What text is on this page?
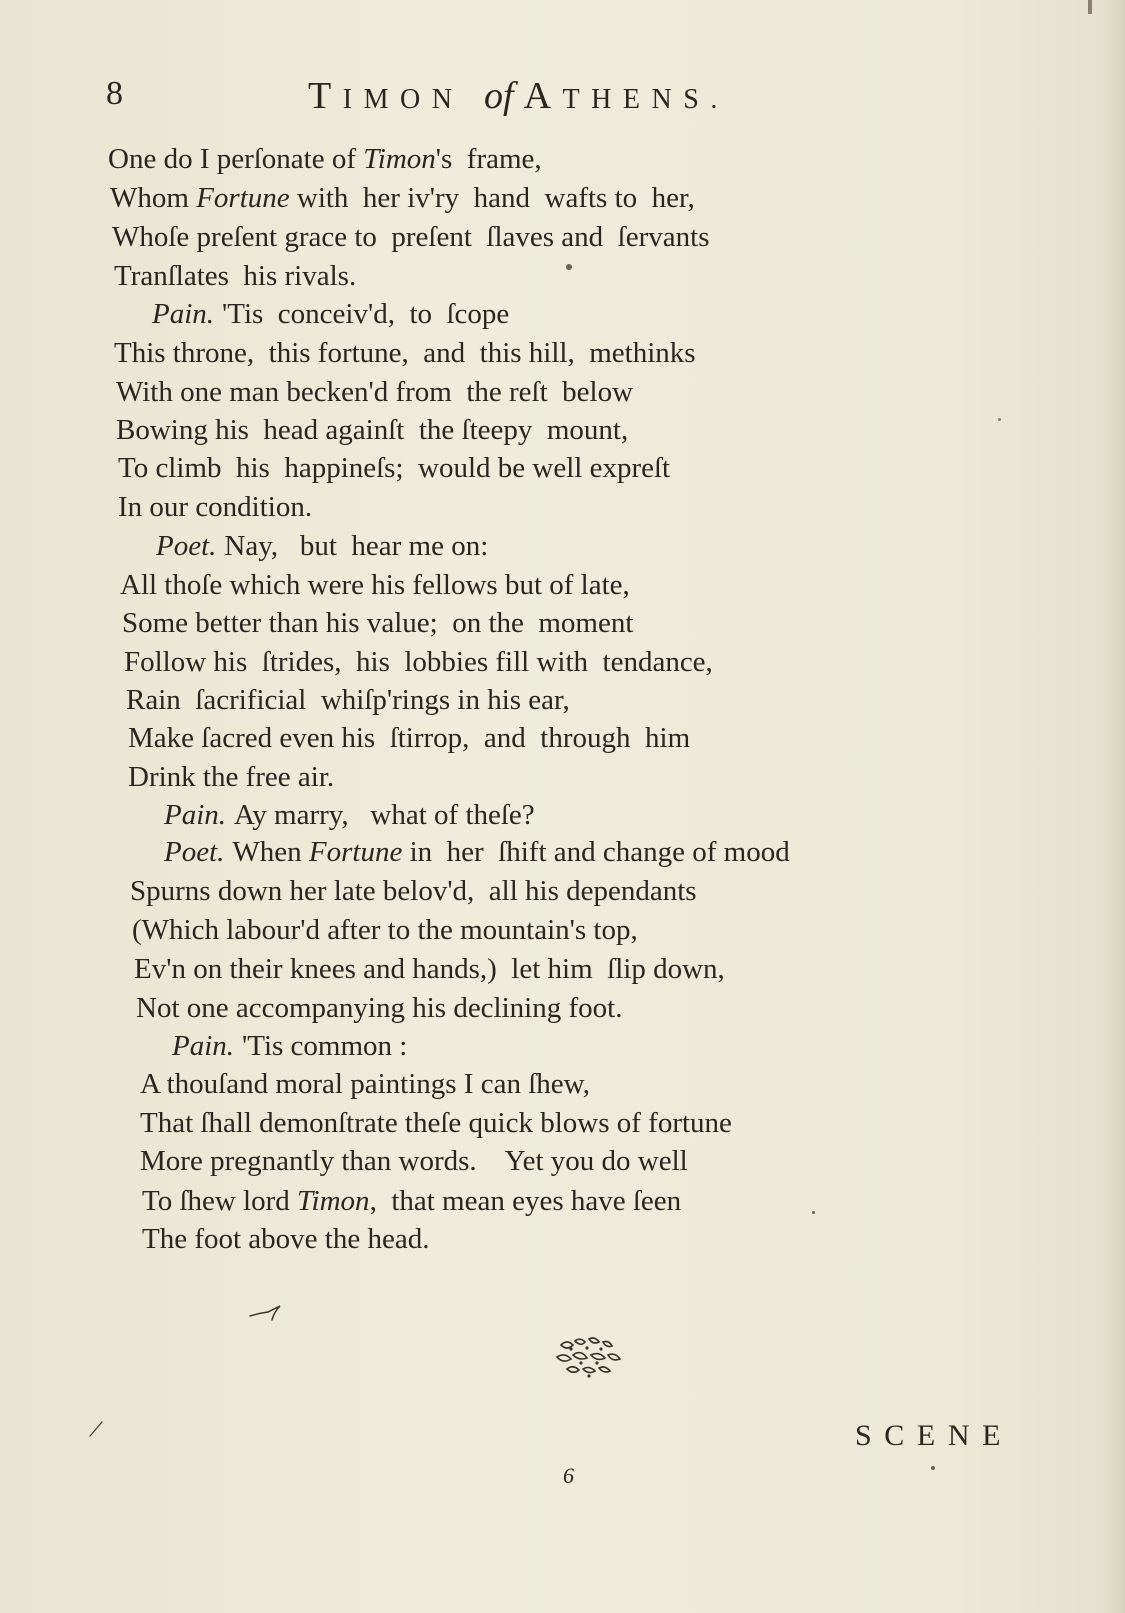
8	TIMON of ATHENS.
One do I perſonate of Timon's  frame,
Whom Fortune with  her iv'ry  hand  wafts to  her,
Whoſe preſent grace to  preſent  ſlaves and  ſervants
Tranſlates  his rivals.
Pain. 'Tis  conceiv'd,  to  ſcope
This throne,  this fortune,  and  this hill,  methinks
With one man becken'd from  the reſt  below
Bowing his  head againſt  the ſteepy  mount,
To climb  his  happineſs;  would be well expreſt
In our condition.
Poet. Nay,   but  hear me on:
All thoſe which were his fellows but of late,
Some better than his value;  on the  moment
Follow his  ſtrides,  his  lobbies fill with  tendance,
Rain  ſacrificial  whiſp'rings in his ear,
Make ſacred even his  ſtirrop,  and  through  him
Drink the free air.
Pain. Ay marry,   what of theſe?
Poet. When Fortune in  her  ſhift and change of mood
Spurns down her late belov'd,  all his dependants
(Which labour'd after to the mountain's top,
Ev'n on their knees and hands,)  let him  ſlip down,
Not one accompanying his declining foot.
Pain. 'Tis common :
A thouſand moral paintings I can ſhew,
That ſhall demonſtrate theſe quick blows of fortune
More pregnantly than words.    Yet you do well
To ſhew lord Timon,  that mean eyes have ſeen
The foot above the head.
SCENE
6
